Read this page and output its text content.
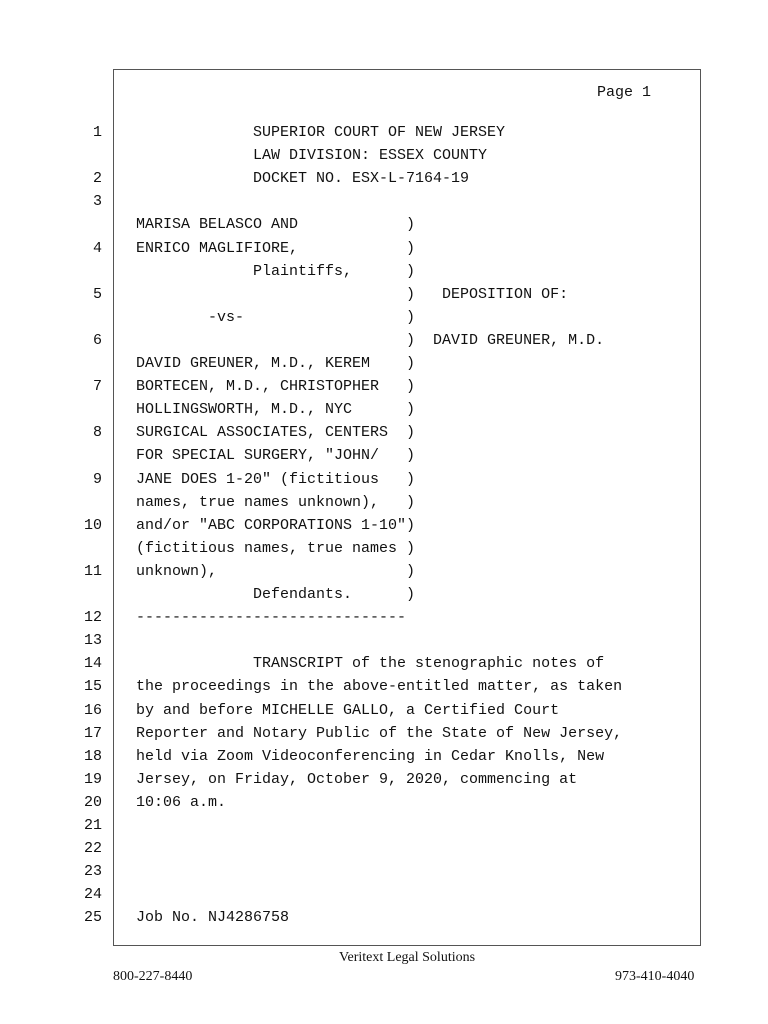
Page 1
1
2
3
4
5
6
7
8
9
10
11
12
13
14
15
16
17
18
19
20
21
22
23
24
25
SUPERIOR COURT OF NEW JERSEY
LAW DIVISION: ESSEX COUNTY
DOCKET NO. ESX-L-7164-19
MARISA BELASCO AND            )
ENRICO MAGLIFIORE,            )
Plaintiffs,      )
)   DEPOSITION OF:
-vs-                  )
)  DAVID GREUNER, M.D.
DAVID GREUNER, M.D., KEREM    )
BORTECEN, M.D., CHRISTOPHER   )
HOLLINGSWORTH, M.D., NYC      )
SURGICAL ASSOCIATES, CENTERS  )
FOR SPECIAL SURGERY, "JOHN/   )
JANE DOES 1-20" (fictitious   )
names, true names unknown),   )
and/or "ABC CORPORATIONS 1-10")
(fictitious names, true names )
unknown),                     )
Defendants.      )
------------------------------
TRANSCRIPT of the stenographic notes of
the proceedings in the above-entitled matter, as taken
by and before MICHELLE GALLO, a Certified Court
Reporter and Notary Public of the State of New Jersey,
held via Zoom Videoconferencing in Cedar Knolls, New
Jersey, on Friday, October 9, 2020, commencing at
10:06 a.m.
Job No. NJ4286758
Veritext Legal Solutions
800-227-8440	973-410-4040
